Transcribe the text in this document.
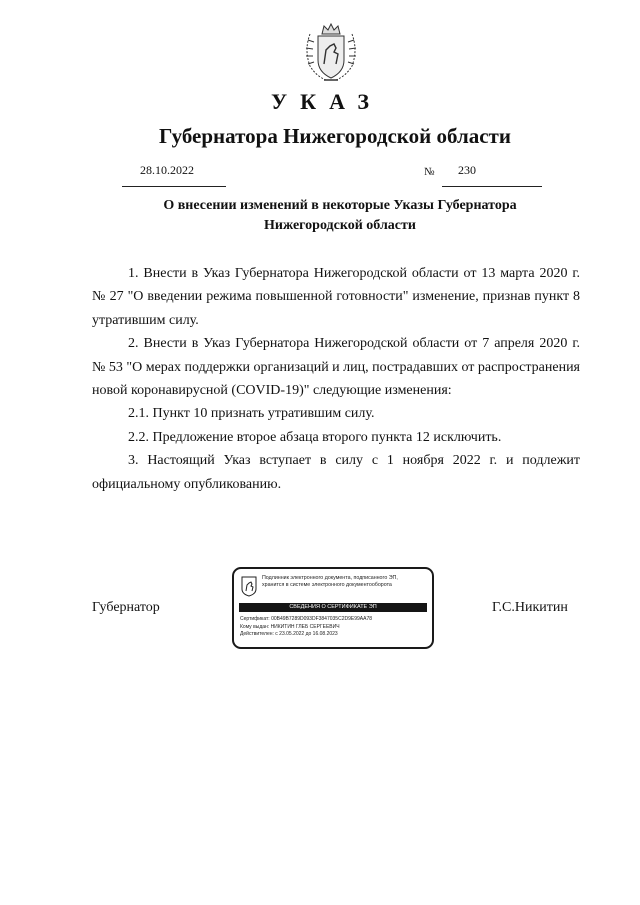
УКАЗ
Губернатора Нижегородской области
28.10.2022	№ 230
О внесении изменений в некоторые Указы Губернатора
Нижегородской области

1. Внести в Указ Губернатора Нижегородской области от 13 марта 2020 г. № 27 "О введении режима повышенной готовности" изменение, признав пункт 8 утратившим силу.

2. Внести в Указ Губернатора Нижегородской области от 7 апреля 2020 г. № 53 "О мерах поддержки организаций и лиц, пострадавших от распространения новой коронавирусной (COVID-19)" следующие изменения:

2.1. Пункт 10 признать утратившим силу.

2.2. Предложение второе абзаца второго пункта 12 исключить.

3. Настоящий Указ вступает в силу с 1 ноября 2022 г. и подлежит официальному опубликованию.

Губернатор	Г.С.Никитин
Подлинник электронного документа, подписанного ЭП,
хранится в системе электронного документооборота
СВЕДЕНИЯ О СЕРТИФИКАТЕ ЭП
Сертификат: 00B49B7289D093DF3847035C2D9E99AA78
Кому выдан: НИКИТИН ГЛЕБ СЕРГЕЕВИЧ
Действителен: с 23.05.2022 до 16.08.2023
